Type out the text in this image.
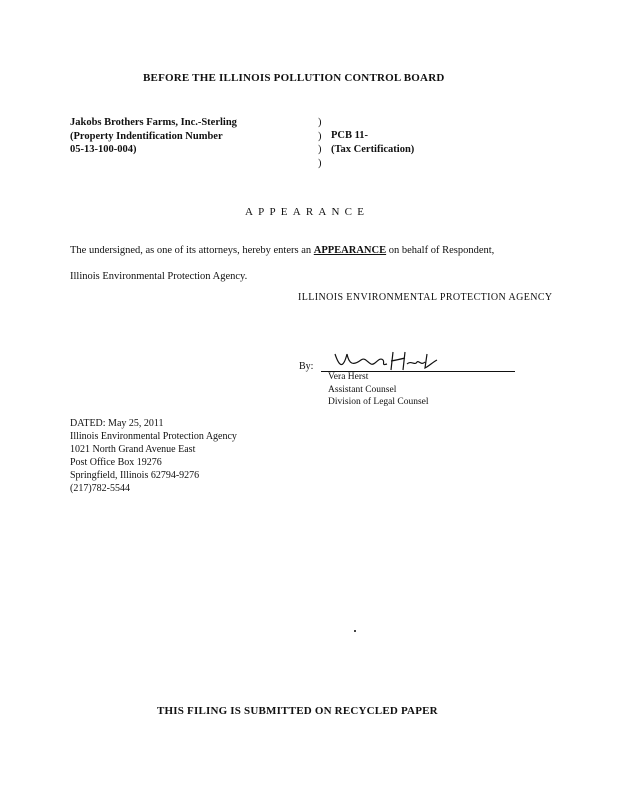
BEFORE THE ILLINOIS POLLUTION CONTROL BOARD
Jakobs Brothers Farms, Inc.-Sterling
(Property Indentification Number
05-13-100-004)
)
)
)
)
PCB 11-
(Tax Certification)
APPEARANCE
The undersigned, as one of its attorneys, hereby enters an APPEARANCE on behalf of Respondent,
Illinois Environmental Protection Agency.
ILLINOIS ENVIRONMENTAL PROTECTION AGENCY
By:
Vera Herst
Assistant Counsel
Division of Legal Counsel
DATED: May 25, 2011
Illinois Environmental Protection Agency
1021 North Grand Avenue East
Post Office Box 19276
Springfield, Illinois 62794-9276
(217)782-5544
THIS FILING IS SUBMITTED ON RECYCLED PAPER
